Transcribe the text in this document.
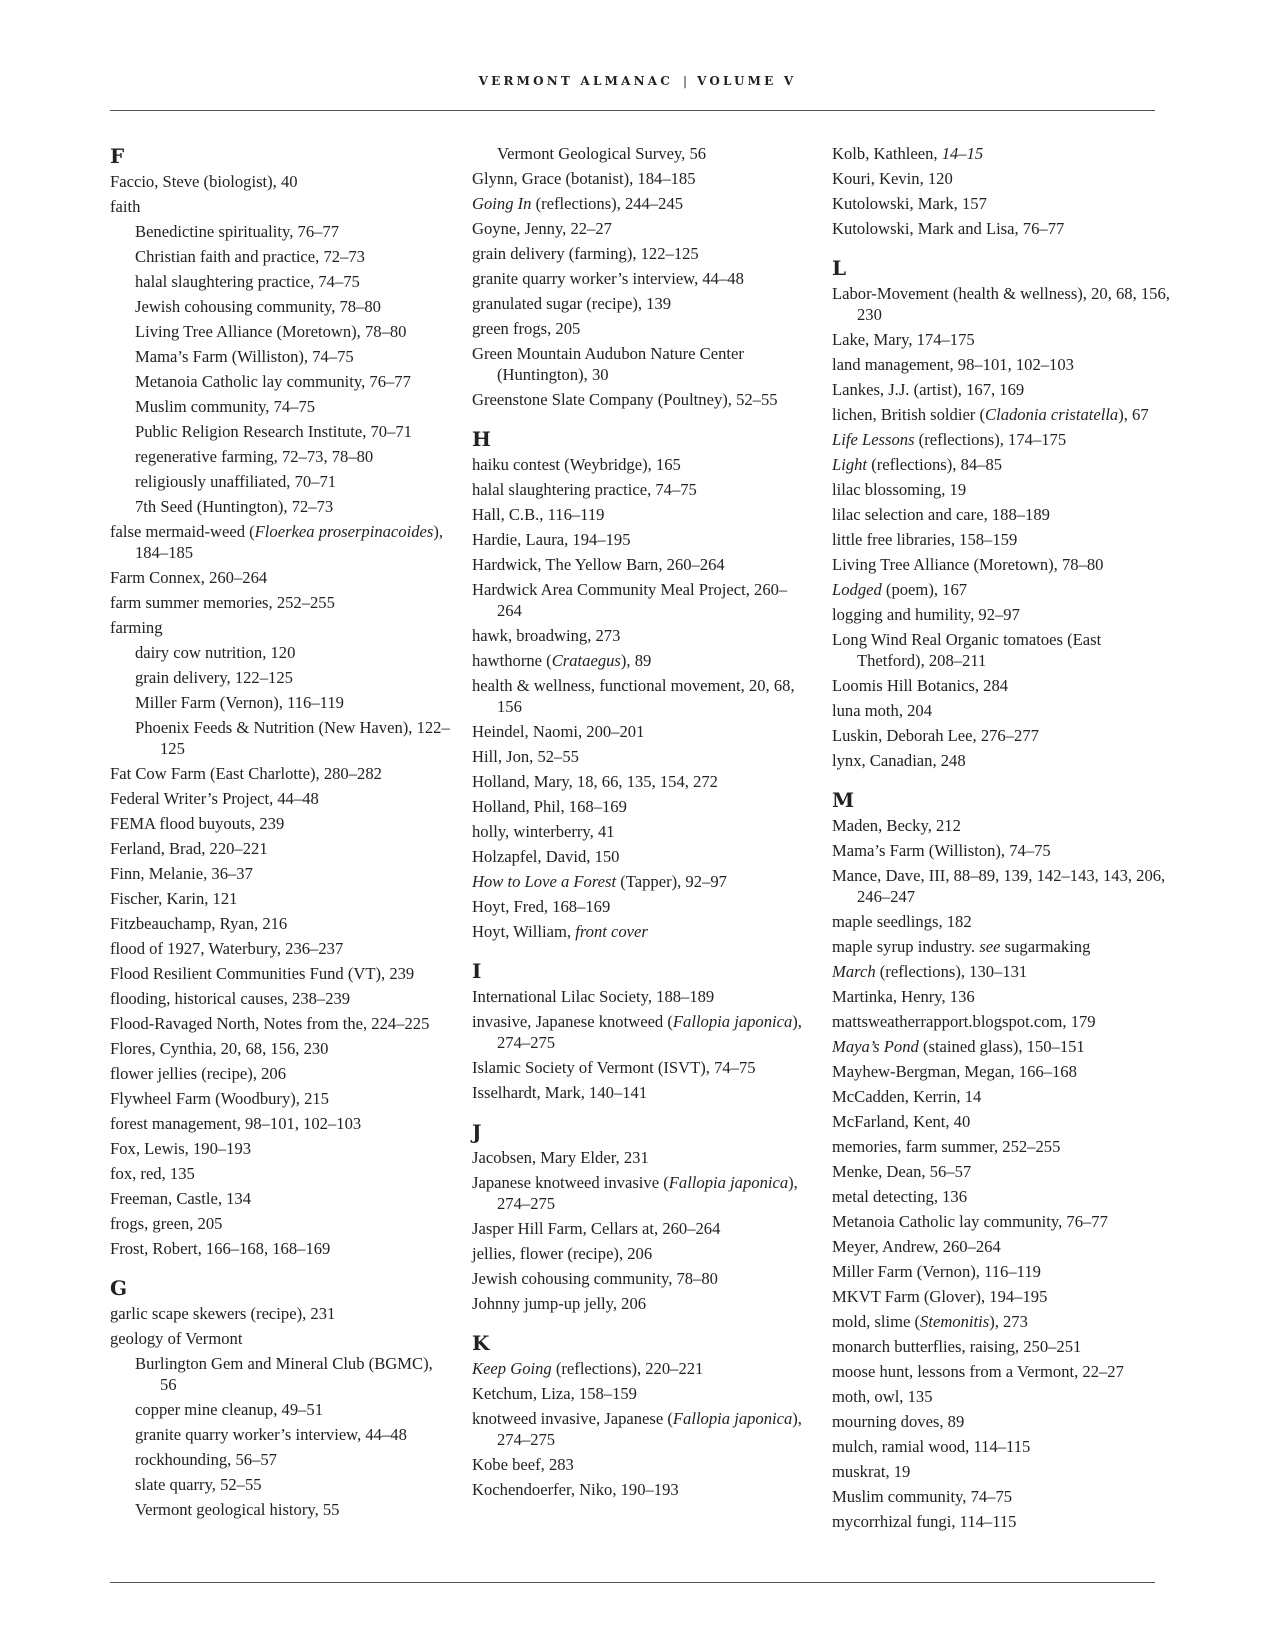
VERMONT ALMANAC | VOLUME V
F
Faccio, Steve (biologist), 40
faith
Benedictine spirituality, 76–77
Christian faith and practice, 72–73
halal slaughtering practice, 74–75
Jewish cohousing community, 78–80
Living Tree Alliance (Moretown), 78–80
Mama’s Farm (Williston), 74–75
Metanoia Catholic lay community, 76–77
Muslim community, 74–75
Public Religion Research Institute, 70–71
regenerative farming, 72–73, 78–80
religiously unaffiliated, 70–71
7th Seed (Huntington), 72–73
false mermaid-weed (Floerkea proserpinacoides), 184–185
Farm Connex, 260–264
farm summer memories, 252–255
farming
dairy cow nutrition, 120
grain delivery, 122–125
Miller Farm (Vernon), 116–119
Phoenix Feeds & Nutrition (New Haven), 122–125
Fat Cow Farm (East Charlotte), 280–282
Federal Writer’s Project, 44–48
FEMA flood buyouts, 239
Ferland, Brad, 220–221
Finn, Melanie, 36–37
Fischer, Karin, 121
Fitzbeauchamp, Ryan, 216
flood of 1927, Waterbury, 236–237
Flood Resilient Communities Fund (VT), 239
flooding, historical causes, 238–239
Flood-Ravaged North, Notes from the, 224–225
Flores, Cynthia, 20, 68, 156, 230
flower jellies (recipe), 206
Flywheel Farm (Woodbury), 215
forest management, 98–101, 102–103
Fox, Lewis, 190–193
fox, red, 135
Freeman, Castle, 134
frogs, green, 205
Frost, Robert, 166–168, 168–169
G
garlic scape skewers (recipe), 231
geology of Vermont
Burlington Gem and Mineral Club (BGMC), 56
copper mine cleanup, 49–51
granite quarry worker’s interview, 44–48
rockhounding, 56–57
slate quarry, 52–55
Vermont geological history, 55
Vermont Geological Survey, 56
Glynn, Grace (botanist), 184–185
Going In (reflections), 244–245
Goyne, Jenny, 22–27
grain delivery (farming), 122–125
granite quarry worker’s interview, 44–48
granulated sugar (recipe), 139
green frogs, 205
Green Mountain Audubon Nature Center (Huntington), 30
Greenstone Slate Company (Poultney), 52–55
H
haiku contest (Weybridge), 165
halal slaughtering practice, 74–75
Hall, C.B., 116–119
Hardie, Laura, 194–195
Hardwick, The Yellow Barn, 260–264
Hardwick Area Community Meal Project, 260–264
hawk, broadwing, 273
hawthorne (Crataegus), 89
health & wellness, functional movement, 20, 68, 156
Heindel, Naomi, 200–201
Hill, Jon, 52–55
Holland, Mary, 18, 66, 135, 154, 272
Holland, Phil, 168–169
holly, winterberry, 41
Holzapfel, David, 150
How to Love a Forest (Tapper), 92–97
Hoyt, Fred, 168–169
Hoyt, William, front cover
I
International Lilac Society, 188–189
invasive, Japanese knotweed (Fallopia japonica), 274–275
Islamic Society of Vermont (ISVT), 74–75
Isselhardt, Mark, 140–141
J
Jacobsen, Mary Elder, 231
Japanese knotweed invasive (Fallopia japonica), 274–275
Jasper Hill Farm, Cellars at, 260–264
jellies, flower (recipe), 206
Jewish cohousing community, 78–80
Johnny jump-up jelly, 206
K
Keep Going (reflections), 220–221
Ketchum, Liza, 158–159
knotweed invasive, Japanese (Fallopia japonica), 274–275
Kobe beef, 283
Kochendoerfer, Niko, 190–193
Kolb, Kathleen, 14–15
Kouri, Kevin, 120
Kutolowski, Mark, 157
Kutolowski, Mark and Lisa, 76–77
L
Labor-Movement (health & wellness), 20, 68, 156, 230
Lake, Mary, 174–175
land management, 98–101, 102–103
Lankes, J.J. (artist), 167, 169
lichen, British soldier (Cladonia cristatella), 67
Life Lessons (reflections), 174–175
Light (reflections), 84–85
lilac blossoming, 19
lilac selection and care, 188–189
little free libraries, 158–159
Living Tree Alliance (Moretown), 78–80
Lodged (poem), 167
logging and humility, 92–97
Long Wind Real Organic tomatoes (East Thetford), 208–211
Loomis Hill Botanics, 284
luna moth, 204
Luskin, Deborah Lee, 276–277
lynx, Canadian, 248
M
Maden, Becky, 212
Mama’s Farm (Williston), 74–75
Mance, Dave, III, 88–89, 139, 142–143, 143, 206, 246–247
maple seedlings, 182
maple syrup industry. see sugarmaking
March (reflections), 130–131
Martinka, Henry, 136
mattsweatherrapport.blogspot.com, 179
Maya’s Pond (stained glass), 150–151
Mayhew-Bergman, Megan, 166–168
McCadden, Kerrin, 14
McFarland, Kent, 40
memories, farm summer, 252–255
Menke, Dean, 56–57
metal detecting, 136
Metanoia Catholic lay community, 76–77
Meyer, Andrew, 260–264
Miller Farm (Vernon), 116–119
MKVT Farm (Glover), 194–195
mold, slime (Stemonitis), 273
monarch butterflies, raising, 250–251
moose hunt, lessons from a Vermont, 22–27
moth, owl, 135
mourning doves, 89
mulch, ramial wood, 114–115
muskrat, 19
Muslim community, 74–75
mycorrhizal fungi, 114–115
